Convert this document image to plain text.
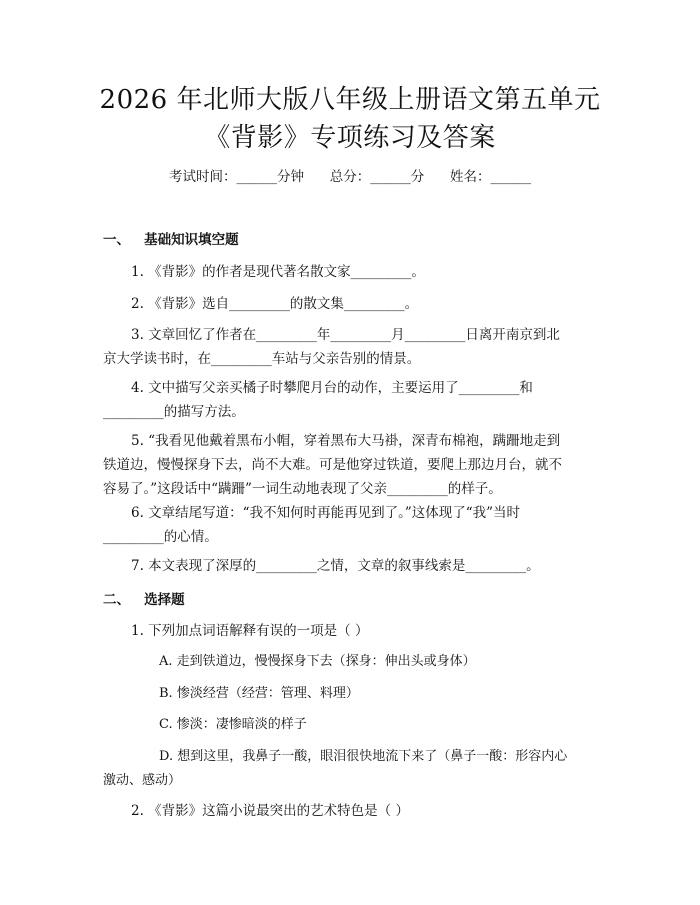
2026 年北师大版八年级上册语文第五单元
《背影》专项练习及答案
考试时间：______分钟      总分：______分      姓名：______
一、   基础知识填空题
1. 《背影》的作者是现代著名散文家_________。
2. 《背影》选自_________的散文集_________。
3. 文章回忆了作者在_________年_________月_________日离开南京到北京大学读书时，在_________车站与父亲告别的情景。
4. 文中描写父亲买橘子时攀爬月台的动作，主要运用了_________和_________的描写方法。
5. “我看见他戴着黑布小帽，穿着黑布大马褂，深青布棉袍，蹒跚地走到铁道边，慢慢探身下去，尚不大难。可是他穿过铁道，要爬上那边月台，就不容易了。”这段话中“蹒跚”一词生动地表现了父亲_________的样子。
6. 文章结尾写道：“我不知何时再能再见到了。”这体现了“我”当时_________的心情。
7. 本文表现了深厚的_________之情，文章的叙事线索是_________。
二、   选择题
1. 下列加点词语解释有误的一项是（ ）
A. 走到铁道边，慢慢探身下去（探身：伸出头或身体）
B. 惨淡经营（经营：管理、料理）
C. 惨淡：凄惨暗淡的样子
D. 想到这里，我鼻子一酸，眼泪很快地流下来了（鼻子一酸：形容内心激动、感动）
2. 《背影》这篇小说最突出的艺术特色是（ ）
